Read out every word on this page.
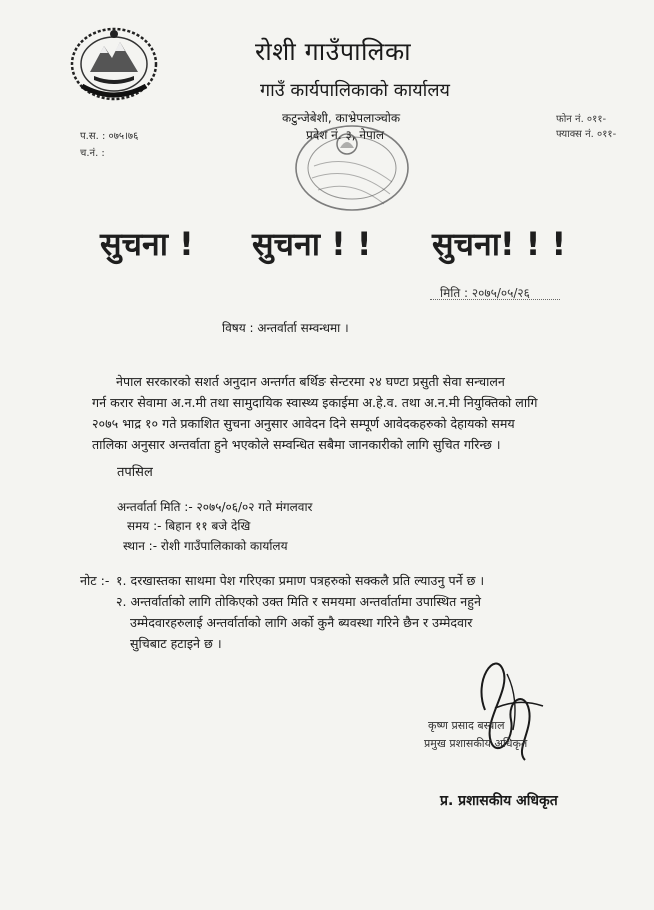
रोशी गाउँपालिका
गाउँ कार्यपालिकाको कार्यालय
कटुन्जेबेशी, काभ्रेपलाञ्चोक
प्रदेश नं. ३, नेपाल
फोन नं. ०११-
फ्याक्स नं. ०११-
प.स. : ०७५।७६
च.नं. :
सुचना ! सुचना ! ! सुचना! ! !
मिति : २०७५/०५/२६
विषय : अन्तर्वार्ता सम्वन्धमा ।
नेपाल सरकारको सशर्त अनुदान अन्तर्गत बर्थिङ सेन्टरमा २४ घण्टा प्रसुती सेवा सन्चालन
गर्न करार सेवामा अ.न.मी तथा सामुदायिक स्वास्थ्य इकाईमा अ.हे.व. तथा अ.न.मी नियुक्तिको लागि
२०७५ भाद्र १० गते प्रकाशित सुचना अनुसार आवेदन दिने सम्पूर्ण आवेदकहरुको देहायको समय
तालिका अनुसार अन्तर्वाता हुने भएकोले सम्वन्धित सबैमा जानकारीको लागि सुचित गरिन्छ ।
तपसिल
अन्तर्वार्ता मिति :- २०७५/०६/०२ गते मंगलवार
समय :- बिहान ११ बजे देखि
स्थान :- रोशी गाउँपालिकाको कार्यालय
नोट :- १. दरखास्तका साथमा पेश गरिएका प्रमाण पत्रहरुको सक्कलै प्रति ल्याउनु पर्ने छ ।
२. अन्तर्वार्ताको लागि तोकिएको उक्त मिति र समयमा अन्तर्वार्तामा उपास्थित नहुने
उम्मेदवारहरुलाई अन्तर्वार्ताको लागि अर्को कुनै ब्यवस्था गरिने छैन र उम्मेदवार
सुचिबाट हटाइने छ ।
कृष्ण प्रसाद बस्याल
प्रमुख प्रशासकीय अधिकृत
प्र. प्रशासकीय अधिकृत
